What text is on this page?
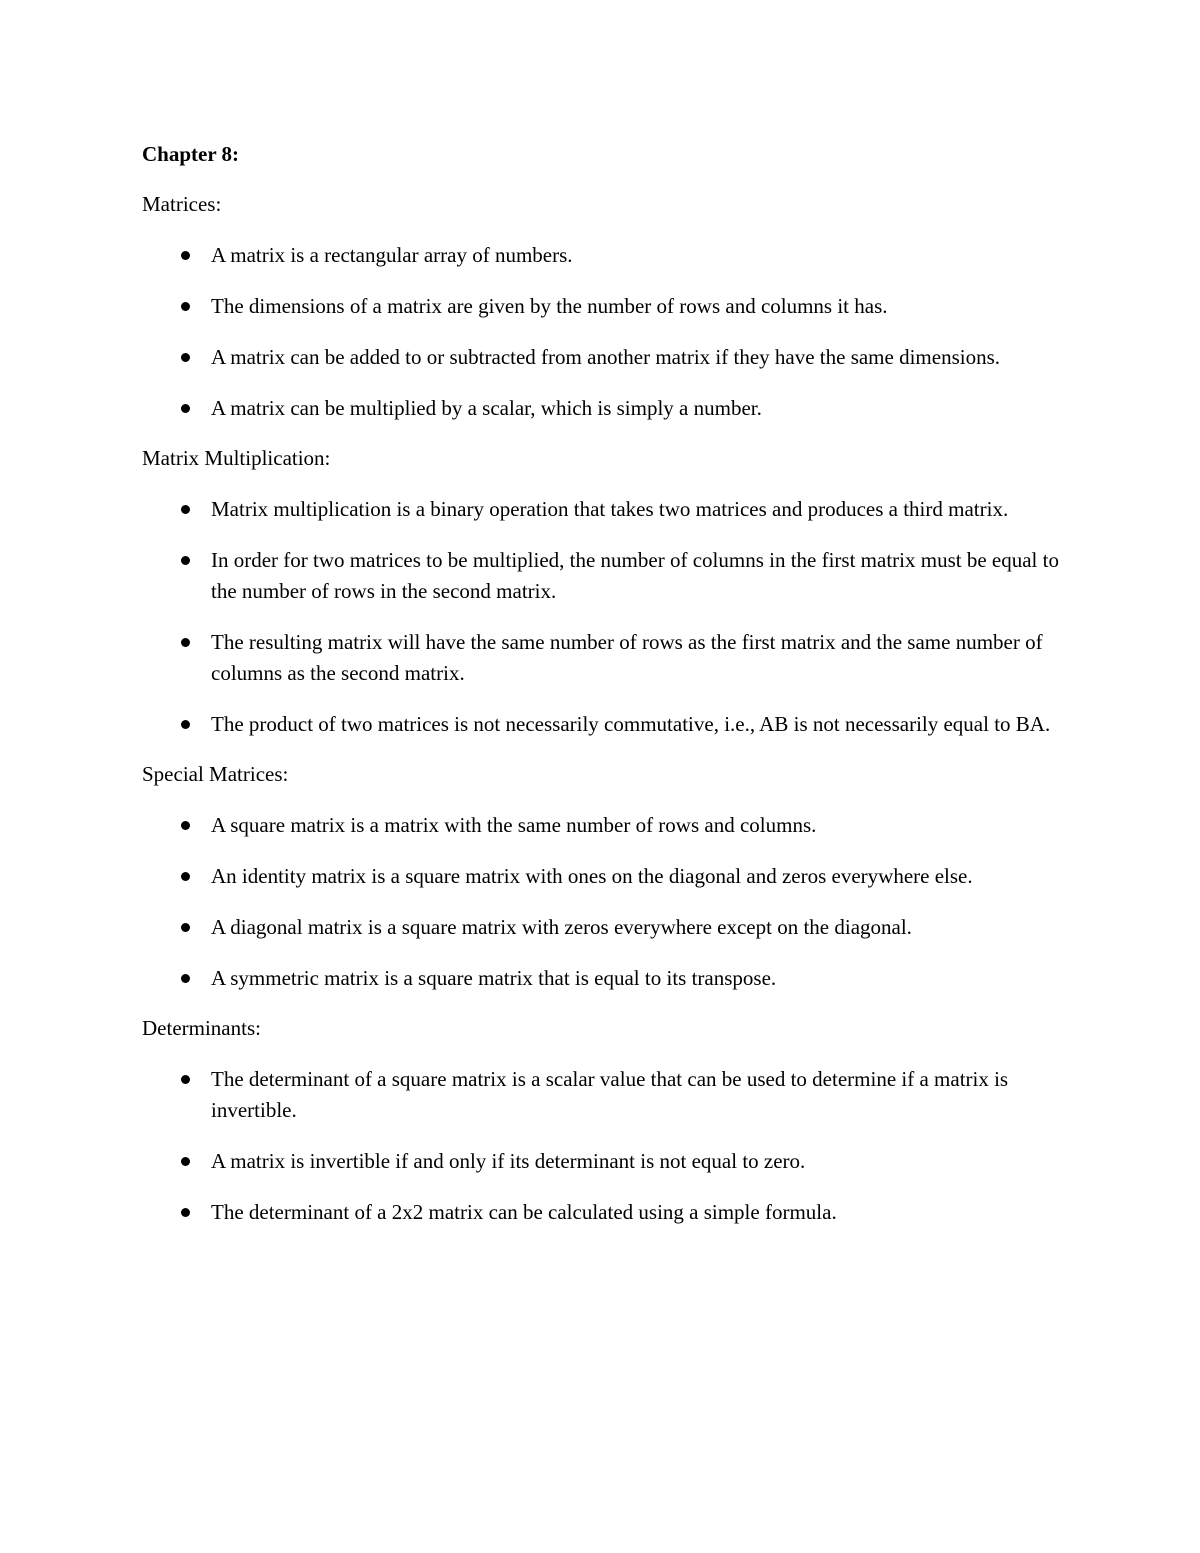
Chapter 8:
Matrices:
A matrix is a rectangular array of numbers.
The dimensions of a matrix are given by the number of rows and columns it has.
A matrix can be added to or subtracted from another matrix if they have the same dimensions.
A matrix can be multiplied by a scalar, which is simply a number.
Matrix Multiplication:
Matrix multiplication is a binary operation that takes two matrices and produces a third matrix.
In order for two matrices to be multiplied, the number of columns in the first matrix must be equal to the number of rows in the second matrix.
The resulting matrix will have the same number of rows as the first matrix and the same number of columns as the second matrix.
The product of two matrices is not necessarily commutative, i.e., AB is not necessarily equal to BA.
Special Matrices:
A square matrix is a matrix with the same number of rows and columns.
An identity matrix is a square matrix with ones on the diagonal and zeros everywhere else.
A diagonal matrix is a square matrix with zeros everywhere except on the diagonal.
A symmetric matrix is a square matrix that is equal to its transpose.
Determinants:
The determinant of a square matrix is a scalar value that can be used to determine if a matrix is invertible.
A matrix is invertible if and only if its determinant is not equal to zero.
The determinant of a 2x2 matrix can be calculated using a simple formula.
